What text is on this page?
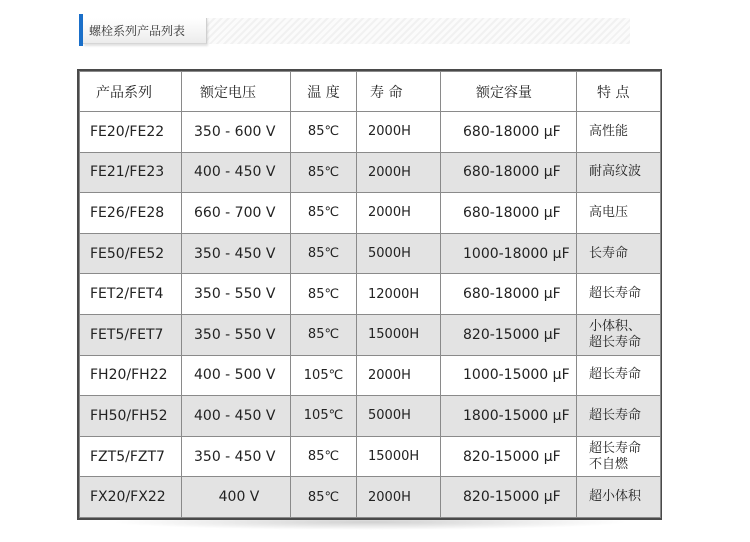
螺栓系列产品列表
产品系列	额定电压	温 度	寿 命	额定容量	特 点
FE20/FE22	350 - 600 V	85℃	2000H	680-18000 μF	高性能

FE21/FE23	400 - 450 V	85℃	2000H	680-18000 μF	耐高纹波

FE26/FE28	660 - 700 V	85℃	2000H	680-18000 μF	高电压

FE50/FE52	350 - 450 V	85℃	5000H	1000-18000 μF	长寿命

FET2/FET4	350 - 550 V	85℃	12000H	680-18000 μF	超长寿命

FET5/FET7	350 - 550 V	85℃	15000H	820-15000 μF	小体积、
超长寿命

FH20/FH22	400 - 500 V	105℃	2000H	1000-15000 μF	超长寿命

FH50/FH52	400 - 450 V	105℃	5000H	1800-15000 μF	超长寿命

FZT5/FZT7	350 - 450 V	85℃	15000H	820-15000 μF	超长寿命
不自燃

FX20/FX22	400 V	85℃	2000H	820-15000 μF	超小体积
